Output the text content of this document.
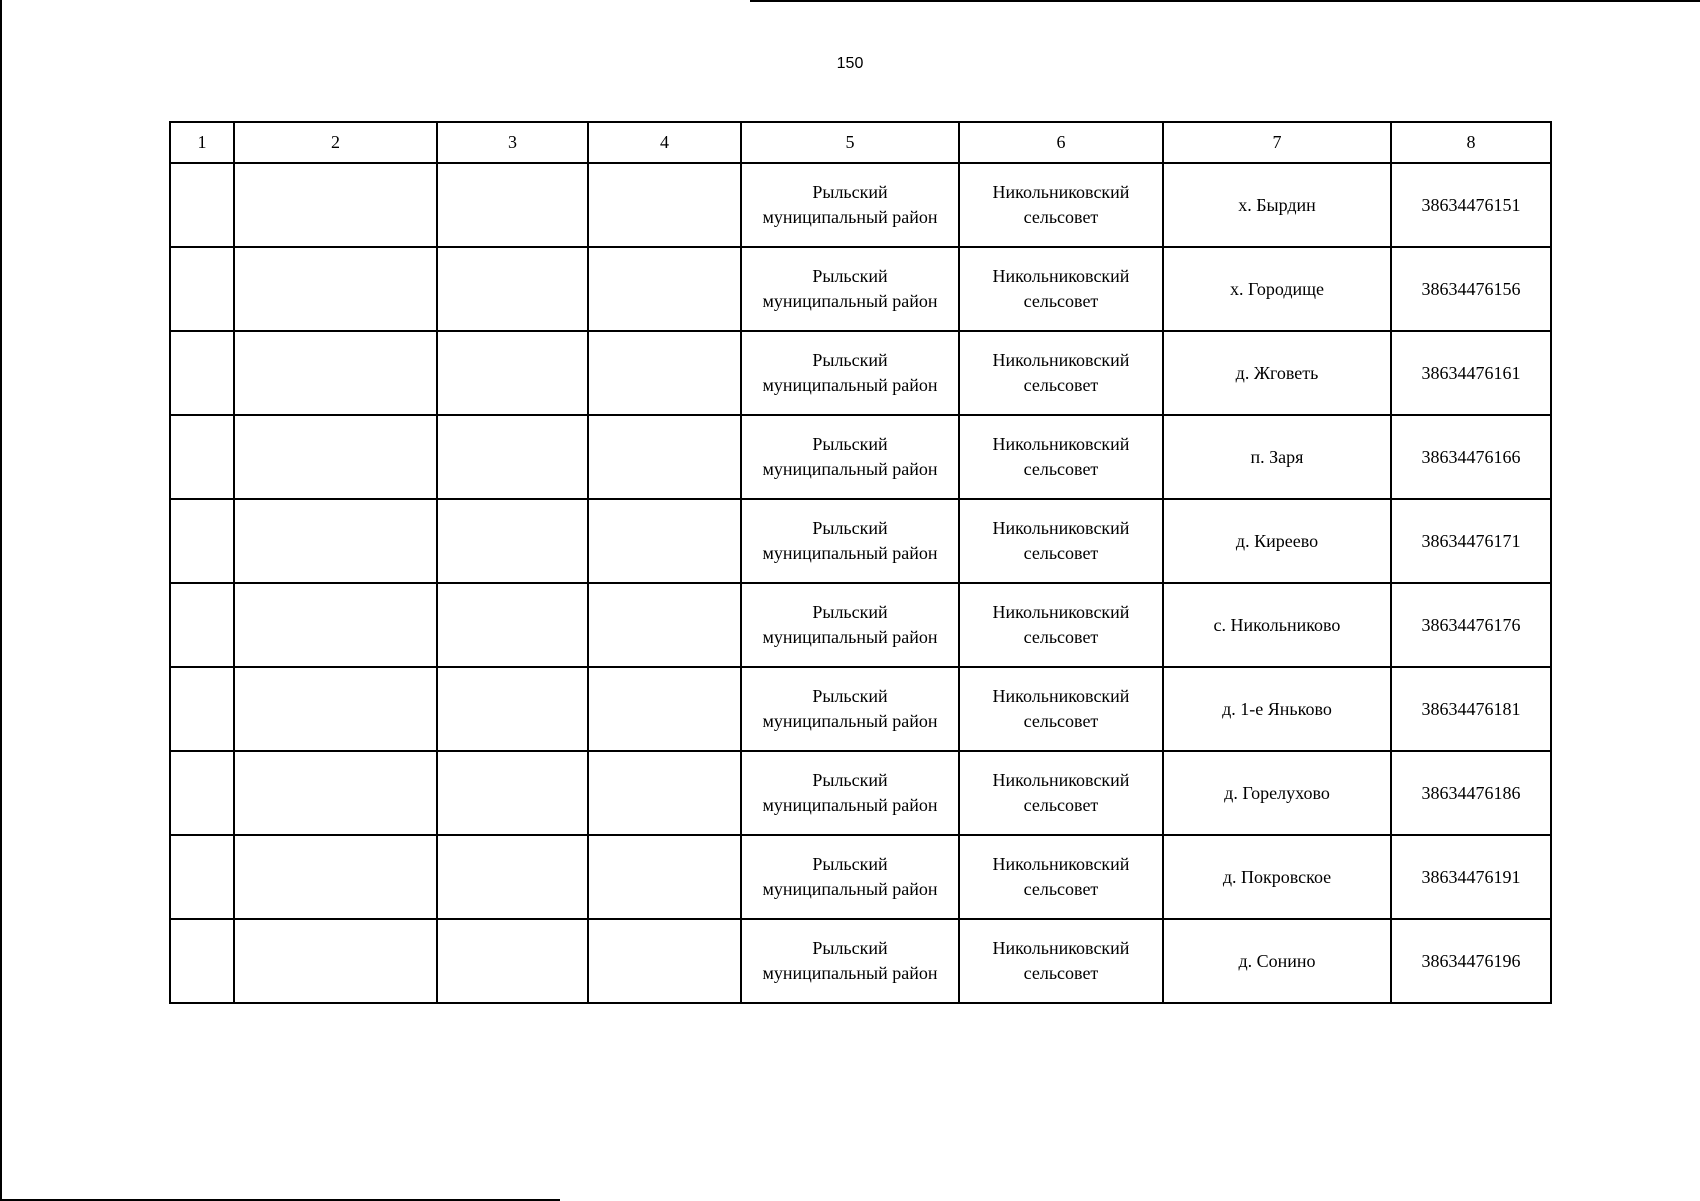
150
1	2	3	4	5	6	7	8
				Рыльский муниципальный район	Никольниковский сельсовет	х. Бырдин	38634476151
				Рыльский муниципальный район	Никольниковский сельсовет	х. Городище	38634476156
				Рыльский муниципальный район	Никольниковский сельсовет	д. Жговеть	38634476161
				Рыльский муниципальный район	Никольниковский сельсовет	п. Заря	38634476166
				Рыльский муниципальный район	Никольниковский сельсовет	д. Киреево	38634476171
				Рыльский муниципальный район	Никольниковский сельсовет	с. Никольниково	38634476176
				Рыльский муниципальный район	Никольниковский сельсовет	д. 1-е Яньково	38634476181
				Рыльский муниципальный район	Никольниковский сельсовет	д. Горелухово	38634476186
				Рыльский муниципальный район	Никольниковский сельсовет	д. Покровское	38634476191
				Рыльский муниципальный район	Никольниковский сельсовет	д. Сонино	38634476196
